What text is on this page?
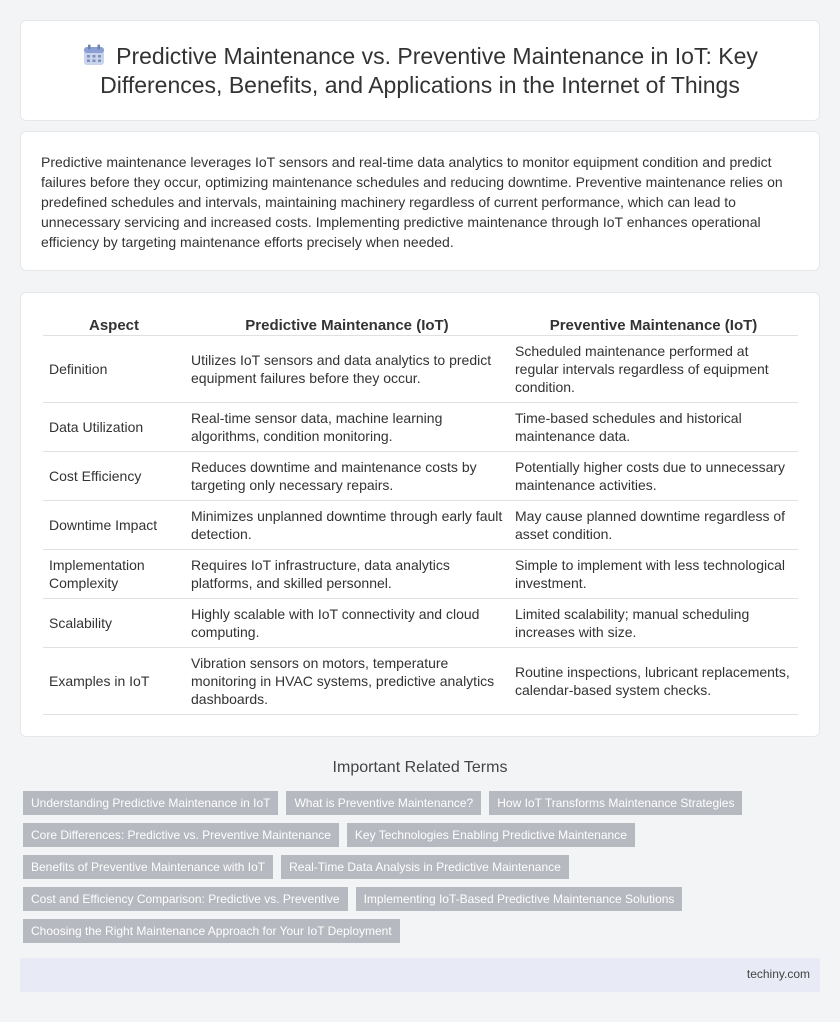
Predictive Maintenance vs. Preventive Maintenance in IoT: Key Differences, Benefits, and Applications in the Internet of Things

Predictive maintenance leverages IoT sensors and real-time data analytics to monitor equipment condition and predict failures before they occur, optimizing maintenance schedules and reducing downtime. Preventive maintenance relies on predefined schedules and intervals, maintaining machinery regardless of current performance, which can lead to unnecessary servicing and increased costs. Implementing predictive maintenance through IoT enhances operational efficiency by targeting maintenance efforts precisely when needed.

Aspect	Predictive Maintenance (IoT)	Preventive Maintenance (IoT)
Definition	Utilizes IoT sensors and data analytics to predict equipment failures before they occur.	Scheduled maintenance performed at regular intervals regardless of equipment condition.
Data Utilization	Real-time sensor data, machine learning algorithms, condition monitoring.	Time-based schedules and historical maintenance data.
Cost Efficiency	Reduces downtime and maintenance costs by targeting only necessary repairs.	Potentially higher costs due to unnecessary maintenance activities.
Downtime Impact	Minimizes unplanned downtime through early fault detection.	May cause planned downtime regardless of asset condition.
Implementation Complexity	Requires IoT infrastructure, data analytics platforms, and skilled personnel.	Simple to implement with less technological investment.
Scalability	Highly scalable with IoT connectivity and cloud computing.	Limited scalability; manual scheduling increases with size.
Examples in IoT	Vibration sensors on motors, temperature monitoring in HVAC systems, predictive analytics dashboards.	Routine inspections, lubricant replacements, calendar-based system checks.
Important Related Terms
Understanding Predictive Maintenance in IoT	What is Preventive Maintenance?	How IoT Transforms Maintenance Strategies
Core Differences: Predictive vs. Preventive Maintenance	Key Technologies Enabling Predictive Maintenance
Benefits of Preventive Maintenance with IoT	Real-Time Data Analysis in Predictive Maintenance
Cost and Efficiency Comparison: Predictive vs. Preventive	Implementing IoT-Based Predictive Maintenance Solutions
Choosing the Right Maintenance Approach for Your IoT Deployment
techiny.com
